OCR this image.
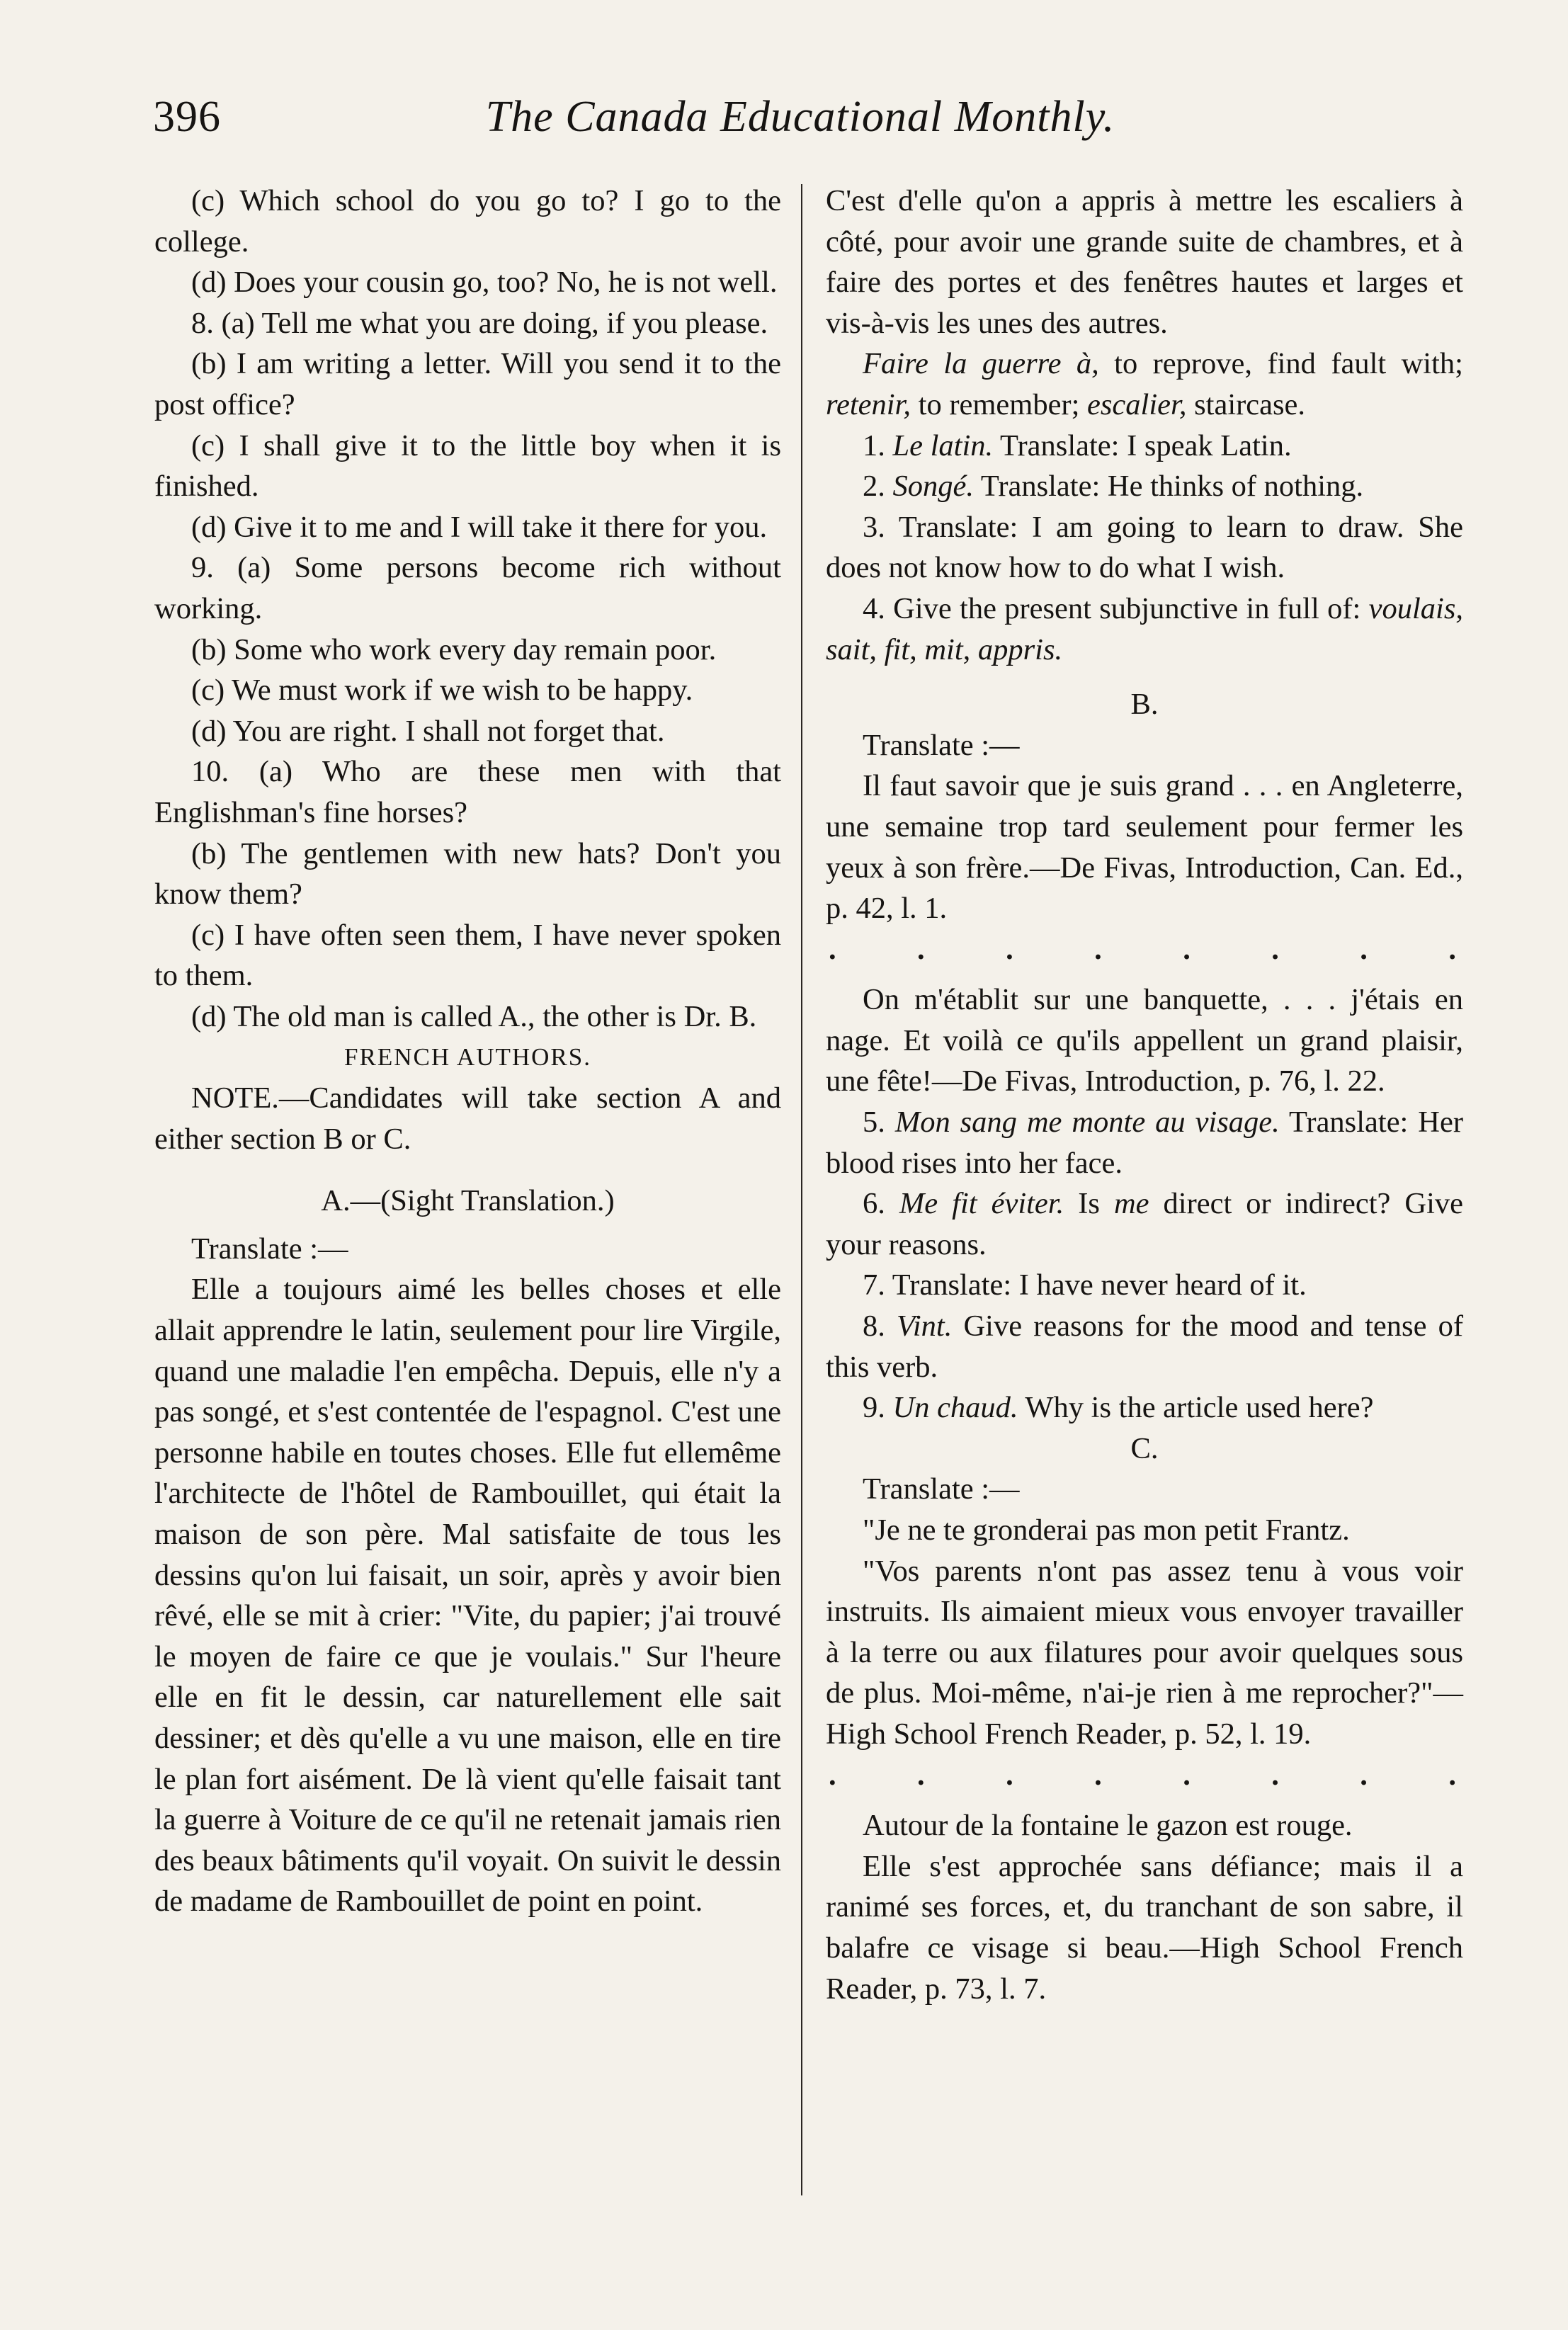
396	The Canada Educational Monthly.

(c) Which school do you go to? I go to the college.

(d) Does your cousin go, too? No, he is not well.

8. (a) Tell me what you are doing, if you please.

(b) I am writing a letter. Will you send it to the post office?

(c) I shall give it to the little boy when it is finished.

(d) Give it to me and I will take it there for you.

9. (a) Some persons become rich without working.

(b) Some who work every day remain poor.

(c) We must work if we wish to be happy.

(d) You are right. I shall not forget that.

10. (a) Who are these men with that Englishman's fine horses?

(b) The gentlemen with new hats? Don't you know them?

(c) I have often seen them, I have never spoken to them.

(d) The old man is called A., the other is Dr. B.

FRENCH AUTHORS.

NOTE.—Candidates will take section A and either section B or C.

A.—(Sight Translation.)

Translate :—

Elle a toujours aimé les belles choses et elle allait apprendre le latin, seulement pour lire Virgile, quand une maladie l'en empêcha. Depuis, elle n'y a pas songé, et s'est contentée de l'espagnol. C'est une personne habile en toutes choses. Elle fut ellemême l'architecte de l'hôtel de Rambouillet, qui était la maison de son père. Mal satisfaite de tous les dessins qu'on lui faisait, un soir, après y avoir bien rêvé, elle se mit à crier: "Vite, du papier; j'ai trouvé le moyen de faire ce que je voulais." Sur l'heure elle en fit le dessin, car naturellement elle sait dessiner; et dès qu'elle a vu une maison, elle en tire le plan fort aisément. De là vient qu'elle faisait tant la guerre à Voiture de ce qu'il ne retenait jamais rien des beaux bâtiments qu'il voyait. On suivit le dessin de madame de Rambouillet de point en point.

C'est d'elle qu'on a appris à mettre les escaliers à côté, pour avoir une grande suite de chambres, et à faire des portes et des fenêtres hautes et larges et vis-à-vis les unes des autres.

Faire la guerre à, to reprove, find fault with; retenir, to remember; escalier, staircase.

1. Le latin. Translate: I speak Latin.

2. Songé. Translate: He thinks of nothing.

3. Translate: I am going to learn to draw. She does not know how to do what I wish.

4. Give the present subjunctive in full of: voulais, sait, fit, mit, appris.

B.

Translate :—

Il faut savoir que je suis grand . . . en Angleterre, une semaine trop tard seulement pour fermer les yeux à son frère.—De Fivas, Introduction, Can. Ed., p. 42, l. 1.

.	.	.	.	.	.	.	.

On m'établit sur une banquette, . . . j'étais en nage. Et voilà ce qu'ils appellent un grand plaisir, une fête!—De Fivas, Introduction, p. 76, l. 22.

5. Mon sang me monte au visage. Translate: Her blood rises into her face.

6. Me fit éviter. Is me direct or indirect? Give your reasons.

7. Translate: I have never heard of it.

8. Vint. Give reasons for the mood and tense of this verb.

9. Un chaud. Why is the article used here?

C.

Translate :—

"Je ne te gronderai pas mon petit Frantz.

"Vos parents n'ont pas assez tenu à vous voir instruits. Ils aimaient mieux vous envoyer travailler à la terre ou aux filatures pour avoir quelques sous de plus. Moi-même, n'ai-je rien à me reprocher?"—High School French Reader, p. 52, l. 19.

.	.	.	.	.	.	.	.

Autour de la fontaine le gazon est rouge.

Elle s'est approchée sans défiance; mais il a ranimé ses forces, et, du tranchant de son sabre, il balafre ce visage si beau.—High School French Reader, p. 73, l. 7.
